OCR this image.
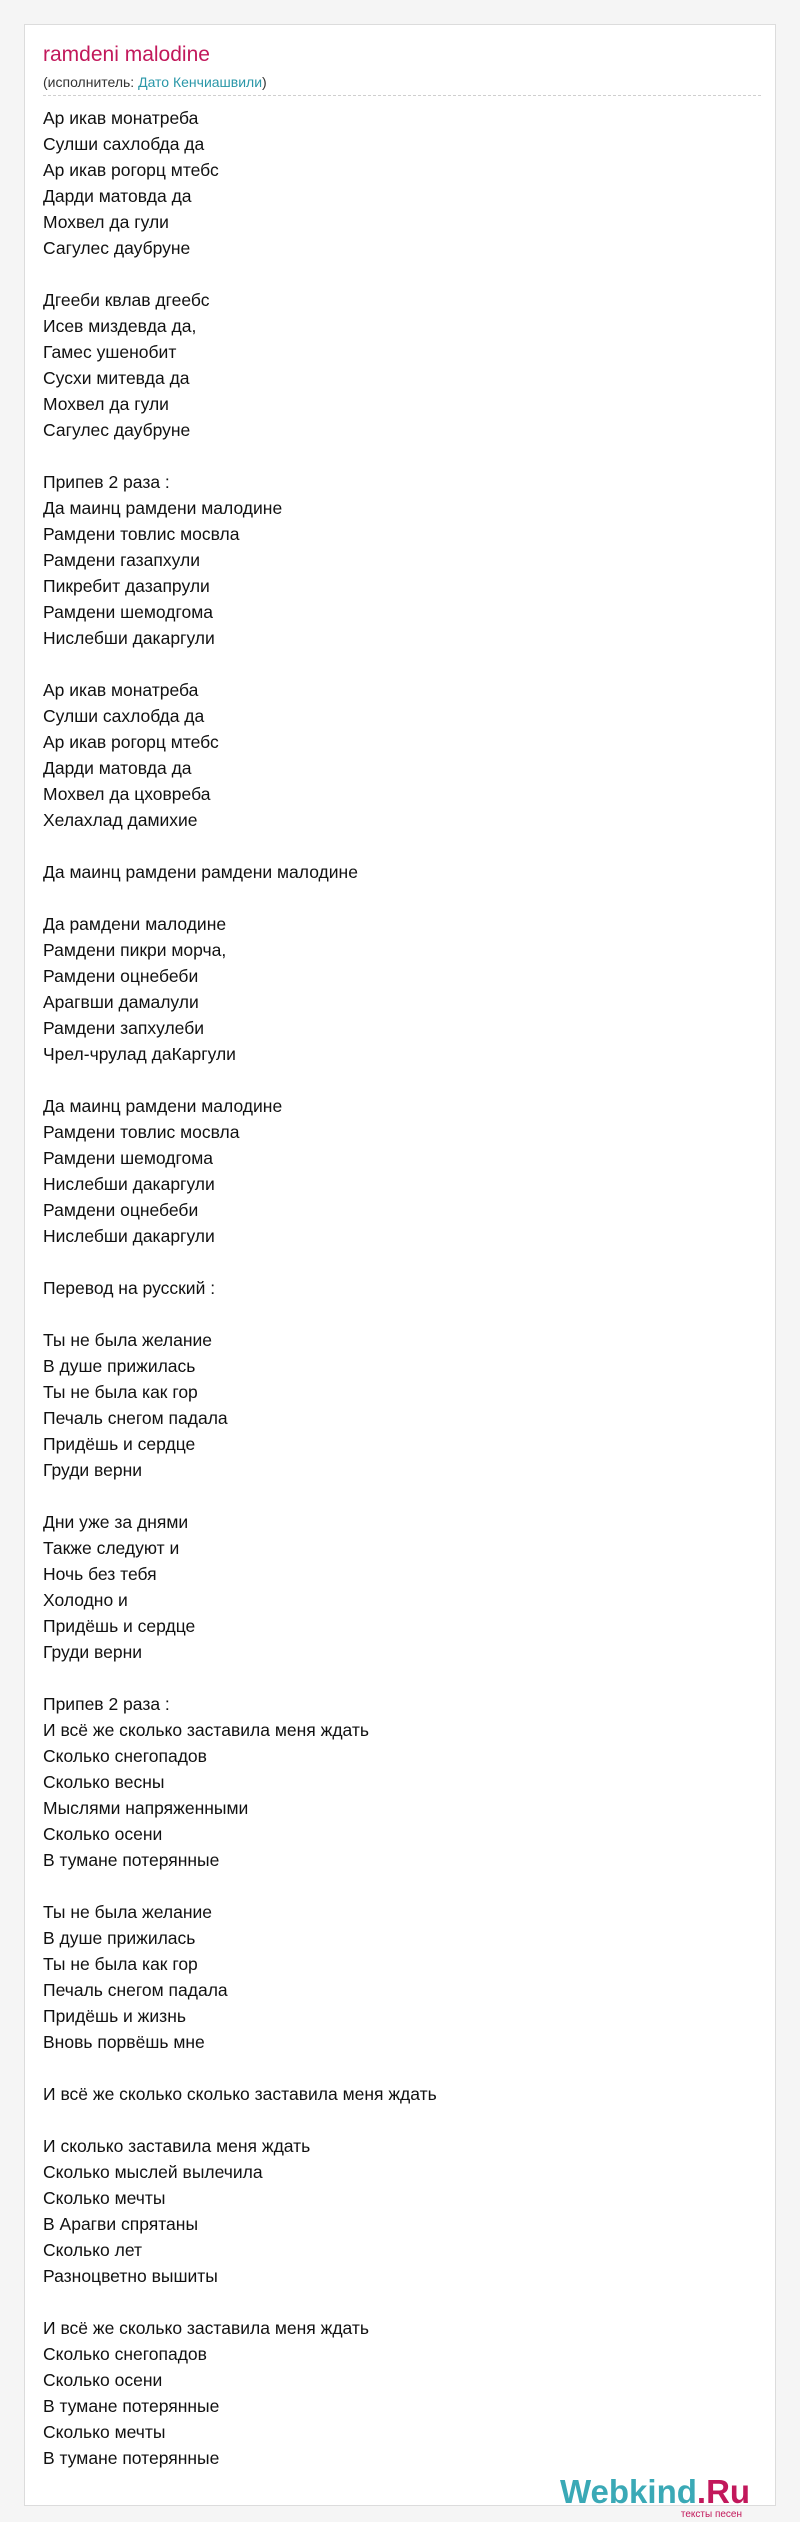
ramdeni malodine
(исполнитель: Дато Кенчиашвили)
Ар икав монатреба
Сулши сахлобда да
Ар икав рогорц мтебс
Дарди матовда да
Мохвел да гули
Сагулес даубруне
Дгееби квлав дгеебс
Исев миздевда да,
Гамес ушенобит
Сусхи митевда да
Мохвел да гули
Сагулес даубруне
Припев 2 раза :
Да маинц рамдени малодине
Рамдени товлис мосвла
Рамдени газапхули
Пикребит дазапрули
Рамдени шемодгома
Нислебши дакаргули
Ар икав монатреба
Сулши сахлобда да
Ар икав рогорц мтебс
Дарди матовда да
Мохвел да цховреба
Хелахлад дамихие
Да маинц рамдени рамдени малодине
Да рамдени малодине
Рамдени пикри морча,
Рамдени оцнебеби
Арагвши дамалули
Рамдени запхулеби
Чрел-чрулад даКаргули
Да маинц рамдени малодине
Рамдени товлис мосвла
Рамдени шемодгома
Нислебши дакаргули
Рамдени оцнебеби
Нислебши дакаргули
Перевод на русский :
Ты не была желание
В душе прижилась
Ты не была как гор
Печаль снегом падала
Придёшь и сердце
Груди верни
Дни уже за днями
Также следуют и
Ночь без тебя
Холодно и
Придёшь и сердце
Груди верни
Припев 2 раза :
И всё же сколько заставила меня ждать
Сколько снегопадов
Сколько весны
Мыслями напряженными
Сколько осени
В тумане потерянные
Ты не была желание
В душе прижилась
Ты не была как гор
Печаль снегом падала
Придёшь и жизнь
Вновь порвёшь мне
И всё же сколько сколько заставила меня ждать
И сколько заставила меня ждать
Сколько мыслей вылечила
Сколько мечты
В Арагви спрятаны
Сколько лет
Разноцветно вышиты
И всё же сколько заставила меня ждать
Сколько снегопадов
Сколько осени
В тумане потерянные
Сколько мечты
В тумане потерянные
Webkind.Ru
тексты песен
